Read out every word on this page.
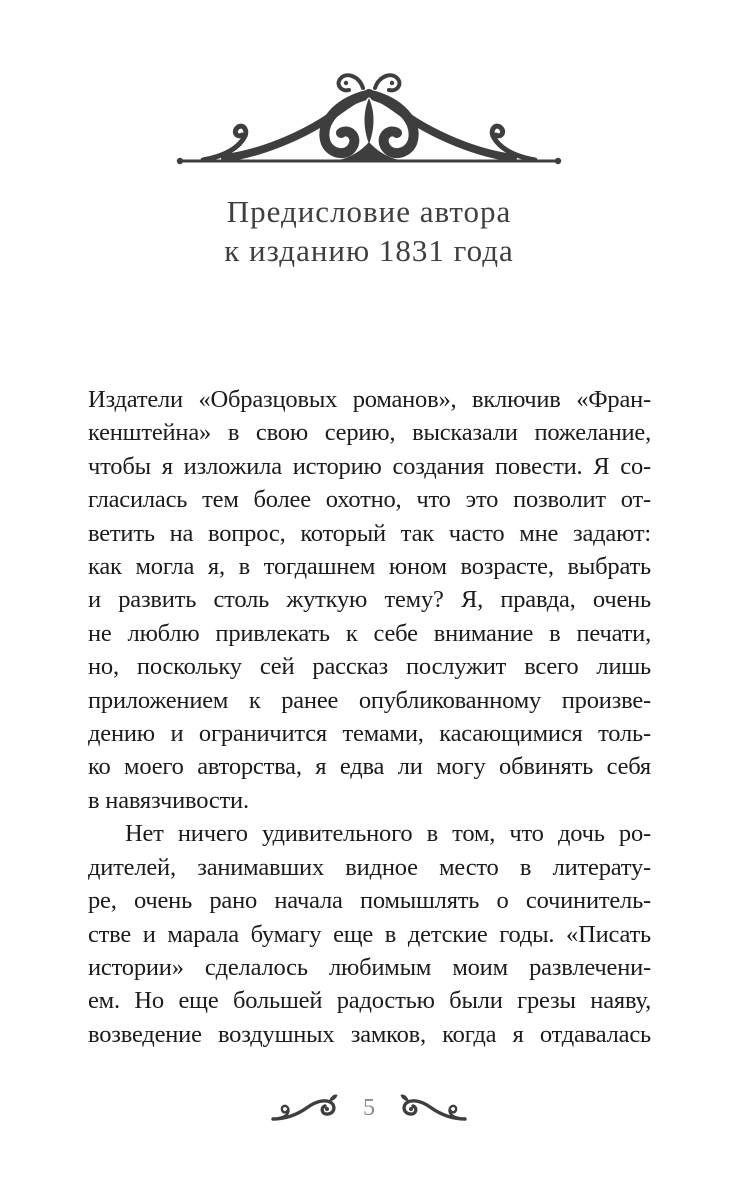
Предисловие автора
к изданию 1831 года
Издатели «Образцовых романов», включив «Фран-
кенштейна» в свою серию, высказали пожелание,
чтобы я изложила историю создания повести. Я со-
гласилась тем более охотно, что это позволит от-
ветить на вопрос, который так часто мне задают:
как могла я, в тогдашнем юном возрасте, выбрать
и развить столь жуткую тему? Я, правда, очень
не люблю привлекать к себе внимание в печати,
но, поскольку сей рассказ послужит всего лишь
приложением к ранее опубликованному произве-
дению и ограничится темами, касающимися толь-
ко моего авторства, я едва ли могу обвинять себя
в навязчивости.
Нет ничего удивительного в том, что дочь ро-
дителей, занимавших видное место в литерату-
ре, очень рано начала помышлять о сочинитель-
стве и марала бумагу еще в детские годы. «Писать
истории» сделалось любимым моим развлечени-
ем. Но еще большей радостью были грезы наяву,
возведение воздушных замков, когда я отдавалась
5
